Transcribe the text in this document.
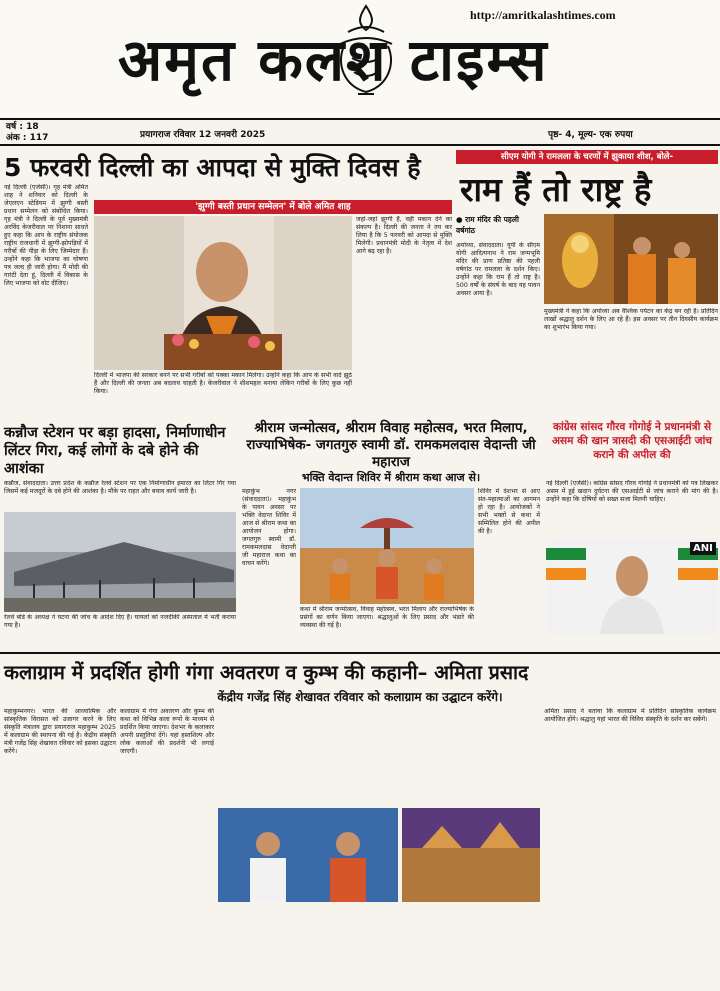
http://amritkalashtimes.com
अमृत कलश टाइम्स
वर्ष : 18
अंक : 117	प्रयागराज रविवार 12 जनवरी 2025	पृष्ठ- 4, मूल्य- एक रुपया
5 फरवरी दिल्ली का आपदा से मुक्ति दिवस है
'झुग्गी बस्ती प्रधान सम्मेलन' में बोले अमित शाह

नई दिल्ली (एजेंसी)। गृह मंत्री अमित शाह ने शनिवार को दिल्ली के जेएलएन स्टेडियम में झुग्गी बस्ती प्रधान सम्मेलन को संबोधित किया। गृह मंत्री ने दिल्ली के पूर्व मुख्यमंत्री अरविंद केजरीवाल पर निशाना साधते हुए कहा कि आप के राष्ट्रीय संयोजक राष्ट्रीय राजधानी में झुग्गी-झोपड़ियों में गरीबों की पीड़ा के लिए जिम्मेदार हैं। उन्होंने कहा कि भाजपा का घोषणा पत्र जल्द ही जारी होगा। मैं मोदी की गारंटी देता हूं, दिल्ली में विकास के लिए भाजपा को वोट दीजिए।

दिल्ली में भाजपा की सरकार बनने पर सभी गरीबों को पक्का मकान मिलेगा। उन्होंने कहा कि आप के सभी वादे झूठे हैं और दिल्ली की जनता अब बदलाव चाहती है। केजरीवाल ने शीशमहल बनाया लेकिन गरीबों के लिए कुछ नहीं किया।

जहां-जहां झुग्गी हैं, वहीं मकान देने का संकल्प है। दिल्ली की जनता ने तय कर लिया है कि 5 फरवरी को आपदा से मुक्ति मिलेगी। प्रधानमंत्री मोदी के नेतृत्व में देश आगे बढ़ रहा है।

सीएम योगी ने रामलला के चरणों में झुकाया शीश, बोले-
राम हैं तो राष्ट्र है
● राम मंदिर की पहली वर्षगांठ

अयोध्या, संवाददाता। यूपी के सीएम योगी आदित्यनाथ ने राम जन्मभूमि मंदिर की प्राण प्रतिष्ठा की पहली वर्षगांठ पर रामलला के दर्शन किए। उन्होंने कहा कि राम हैं तो राष्ट्र है। 500 वर्षों के संघर्ष के बाद यह पावन अवसर आया है।

मुख्यमंत्री ने कहा कि अयोध्या अब वैश्विक पर्यटन का केंद्र बन रही है। प्रतिदिन लाखों श्रद्धालु दर्शन के लिए आ रहे हैं। इस अवसर पर तीन दिवसीय कार्यक्रम का शुभारंभ किया गया।

कन्नौज स्टेशन पर बड़ा हादसा, निर्माणाधीन लिंटर गिरा, कई लोगों के दबे होने की आशंका

कन्नौज, संवाददाता। उत्तर प्रदेश के कन्नौज रेलवे स्टेशन पर एक निर्माणाधीन इमारत का लिंटर गिर गया जिसमें कई मजदूरों के दबे होने की आशंका है। मौके पर राहत और बचाव कार्य जारी है।

रेलवे बोर्ड के अध्यक्ष ने घटना की जांच के आदेश दिए हैं। घायलों को नजदीकी अस्पताल में भर्ती कराया गया है।

श्रीराम जन्मोत्सव, श्रीराम विवाह महोत्सव, भरत मिलाप, राज्याभिषेक- जगतगुरु स्वामी डॉ. रामकमलदास वेदान्ती जी महाराज
भक्ति वेदान्त शिविर में श्रीराम कथा आज से।

महाकुंभ नगर (संवाददाता)। महाकुंभ के पावन अवसर पर भक्ति वेदान्त शिविर में आज से श्रीराम कथा का आयोजन होगा। जगतगुरु स्वामी डॉ. रामकमलदास वेदान्ती जी महाराज कथा का वाचन करेंगे।

कथा में श्रीराम जन्मोत्सव, विवाह महोत्सव, भरत मिलाप और राज्याभिषेक के प्रसंगों का वर्णन किया जाएगा। श्रद्धालुओं के लिए प्रसाद और भंडारे की व्यवस्था की गई है।

शिविर में देशभर से आए संत-महात्माओं का आगमन हो रहा है। आयोजकों ने सभी भक्तों से कथा में सम्मिलित होने की अपील की है।

कांग्रेस सांसद गौरव गोगोई ने प्रधानमंत्री से असम की खान त्रासदी की एसआईटी जांच कराने की अपील की

नई दिल्ली (एजेंसी)। कांग्रेस सांसद गौरव गोगोई ने प्रधानमंत्री को पत्र लिखकर असम में हुई खदान दुर्घटना की एसआईटी से जांच कराने की मांग की है। उन्होंने कहा कि दोषियों को सख्त सजा मिलनी चाहिए।

ANI
कलाग्राम में प्रदर्शित होगी गंगा अवतरण व कुम्भ की कहानी– अमिता प्रसाद
केंद्रीय गजेंद्र सिंह शेखावत रविवार को कलाग्राम का उद्घाटन करेंगे।

महाकुम्भनगर। भारत की आध्यात्मिक और सांस्कृतिक विरासत को उजागर करने के लिए संस्कृति मंत्रालय द्वारा प्रयागराज महाकुम्भ 2025 में कलाग्राम की स्थापना की गई है। केंद्रीय संस्कृति मंत्री गजेंद्र सिंह शेखावत रविवार को इसका उद्घाटन करेंगे।

कलाग्राम में गंगा अवतरण और कुम्भ की कथा को विभिन्न कला रूपों के माध्यम से प्रदर्शित किया जाएगा। देशभर के कलाकार अपनी प्रस्तुतियां देंगे। यहां हस्तशिल्प और लोक कलाओं की प्रदर्शनी भी लगाई जाएगी।

अमिता प्रसाद ने बताया कि कलाग्राम में प्रतिदिन सांस्कृतिक कार्यक्रम आयोजित होंगे। श्रद्धालु यहां भारत की विविध संस्कृति के दर्शन कर सकेंगे।
